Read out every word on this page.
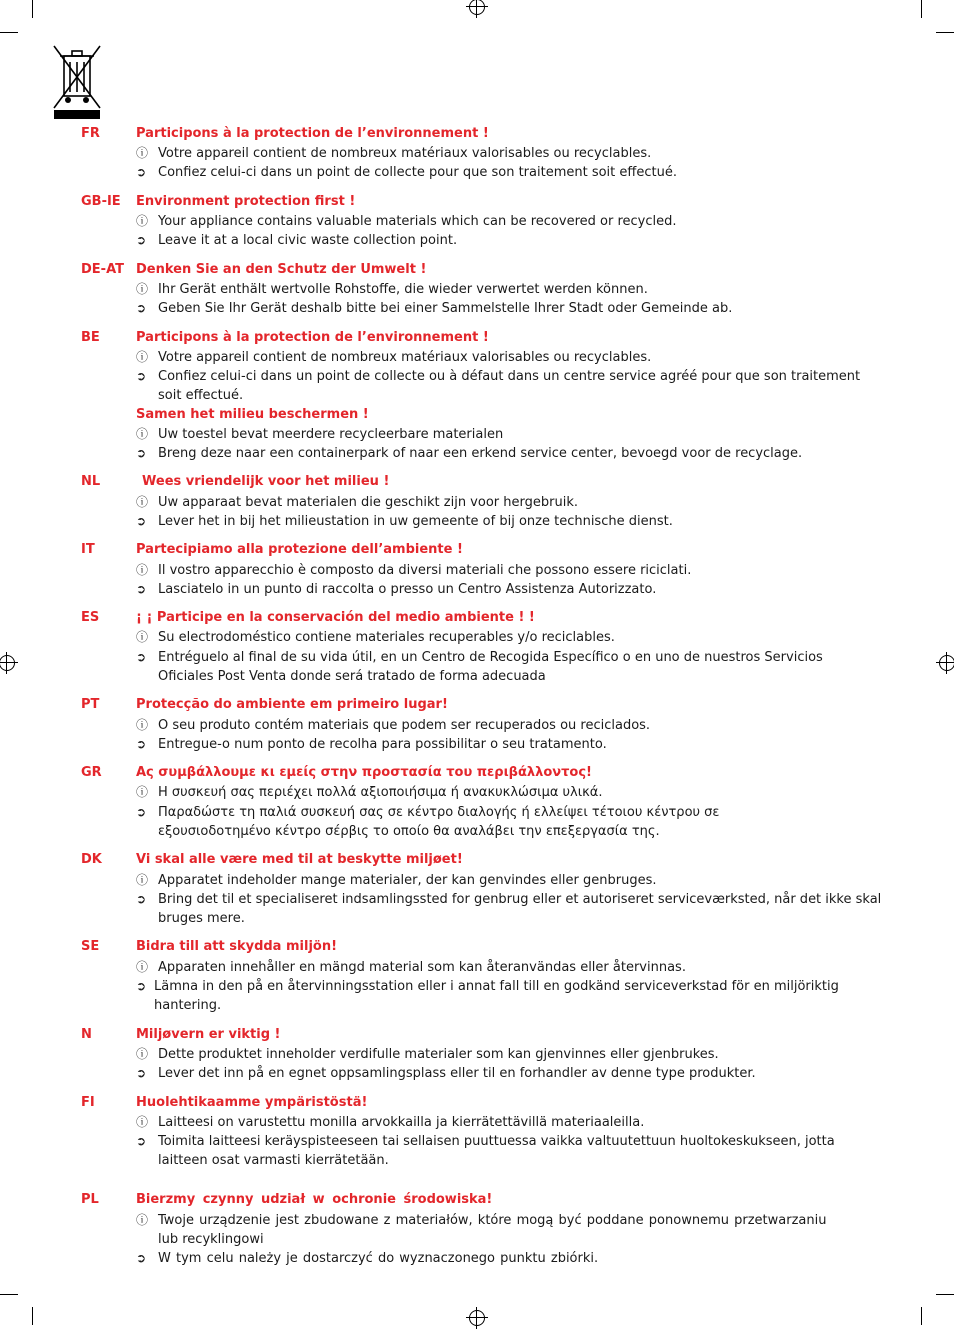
FR	Participons à la protection de l’environnement !
ⓘ Votre appareil contient de nombreux matériaux valorisables ou recyclables.
➲ Confiez celui-ci dans un point de collecte pour que son traitement soit effectué.
GB-IE Environment protection first !
ⓘ Your appliance contains valuable materials which can be recovered or recycled.
➲ Leave it at a local civic waste collection point.
DE-AT Denken Sie an den Schutz der Umwelt !
ⓘ Ihr Gerät enthält wertvolle Rohstoffe, die wieder verwertet werden können.
➲ Geben Sie Ihr Gerät deshalb bitte bei einer Sammelstelle Ihrer Stadt oder Gemeinde ab.
BE	Participons à la protection de l’environnement !
ⓘ Votre appareil contient de nombreux matériaux valorisables ou recyclables.
➲ Confiez celui-ci dans un point de collecte ou à défaut dans un centre service agréé pour que son traitement
soit effectué.
Samen het milieu beschermen !
ⓘ Uw toestel bevat meerdere recycleerbare materialen
➲ Breng deze naar een containerpark of naar een erkend service center, bevoegd voor de recyclage.
NL	Wees vriendelijk voor het milieu !
ⓘ Uw apparaat bevat materialen die geschikt zijn voor hergebruik.
➲ Lever het in bij het milieustation in uw gemeente of bij onze technische dienst.
IT	Partecipiamo alla protezione dell’ambiente !
ⓘ Il vostro apparecchio è composto da diversi materiali che possono essere riciclati.
➲ Lasciatelo in un punto di raccolta o presso un Centro Assistenza Autorizzato.
ES	¡ ¡ Participe en la conservación del medio ambiente ! !
ⓘ Su electrodoméstico contiene materiales recuperables y/o reciclables.
➲ Entréguelo al final de su vida útil, en un Centro de Recogida Específico o en uno de nuestros Servicios
Oficiales Post Venta donde será tratado de forma adecuada
PT	Protecção do ambiente em primeiro lugar!
ⓘ O seu produto contém materiais que podem ser recuperados ou reciclados.
➲ Entregue-o num ponto de recolha para possibilitar o seu tratamento.
GR	Ας συμβάλλουμε κι εμείς στην προστασία του περιβάλλοντος!
ⓘ Η συσκευή σας περιέχει πολλά αξιοποιήσιμα ή ανακυκλώσιμα υλικά.
➲ Παραδώστε τη παλιά συσκευή σας σε κέντρο διαλογής ή ελλείψει τέτοιου κέντρου σε
εξουσιοδοτημένο κέντρο σέρβις το οποίο θα αναλάβει την επεξεργασία της.
DK	Vi skal alle være med til at beskytte miljøet!
ⓘ Apparatet indeholder mange materialer, der kan genvindes eller genbruges.
➲ Bring det til et specialiseret indsamlingssted for genbrug eller et autoriseret serviceværksted, når det ikke skal
bruges mere.
SE	Bidra till att skydda miljön!
ⓘ Apparaten innehåller en mängd material som kan återanvändas eller återvinnas.
➲ Lämna in den på en återvinningsstation eller i annat fall till en godkänd serviceverkstad för en miljöriktig
hantering.
N	Miljøvern er viktig !
ⓘ Dette produktet inneholder verdifulle materialer som kan gjenvinnes eller gjenbrukes.
➲ Lever det inn på en egnet oppsamlingsplass eller til en forhandler av denne type produkter.
FI	Huolehtikaamme ympäristöstä!
ⓘ Laitteesi on varustettu monilla arvokkailla ja kierrätettävillä materiaaleilla.
➲ Toimita laitteesi keräyspisteeseen tai sellaisen puuttuessa vaikka valtuutettuun huoltokeskukseen, jotta
laitteen osat varmasti kierrätetään.
PL	Bierzmy czynny udział w ochronie środowiska!
ⓘ Twoje urządzenie jest zbudowane z materiałów, które mogą być poddane ponownemu przetwarzaniu
lub recyklingowi
➲ W tym celu należy je dostarczyć do wyznaczonego punktu zbiórki.
